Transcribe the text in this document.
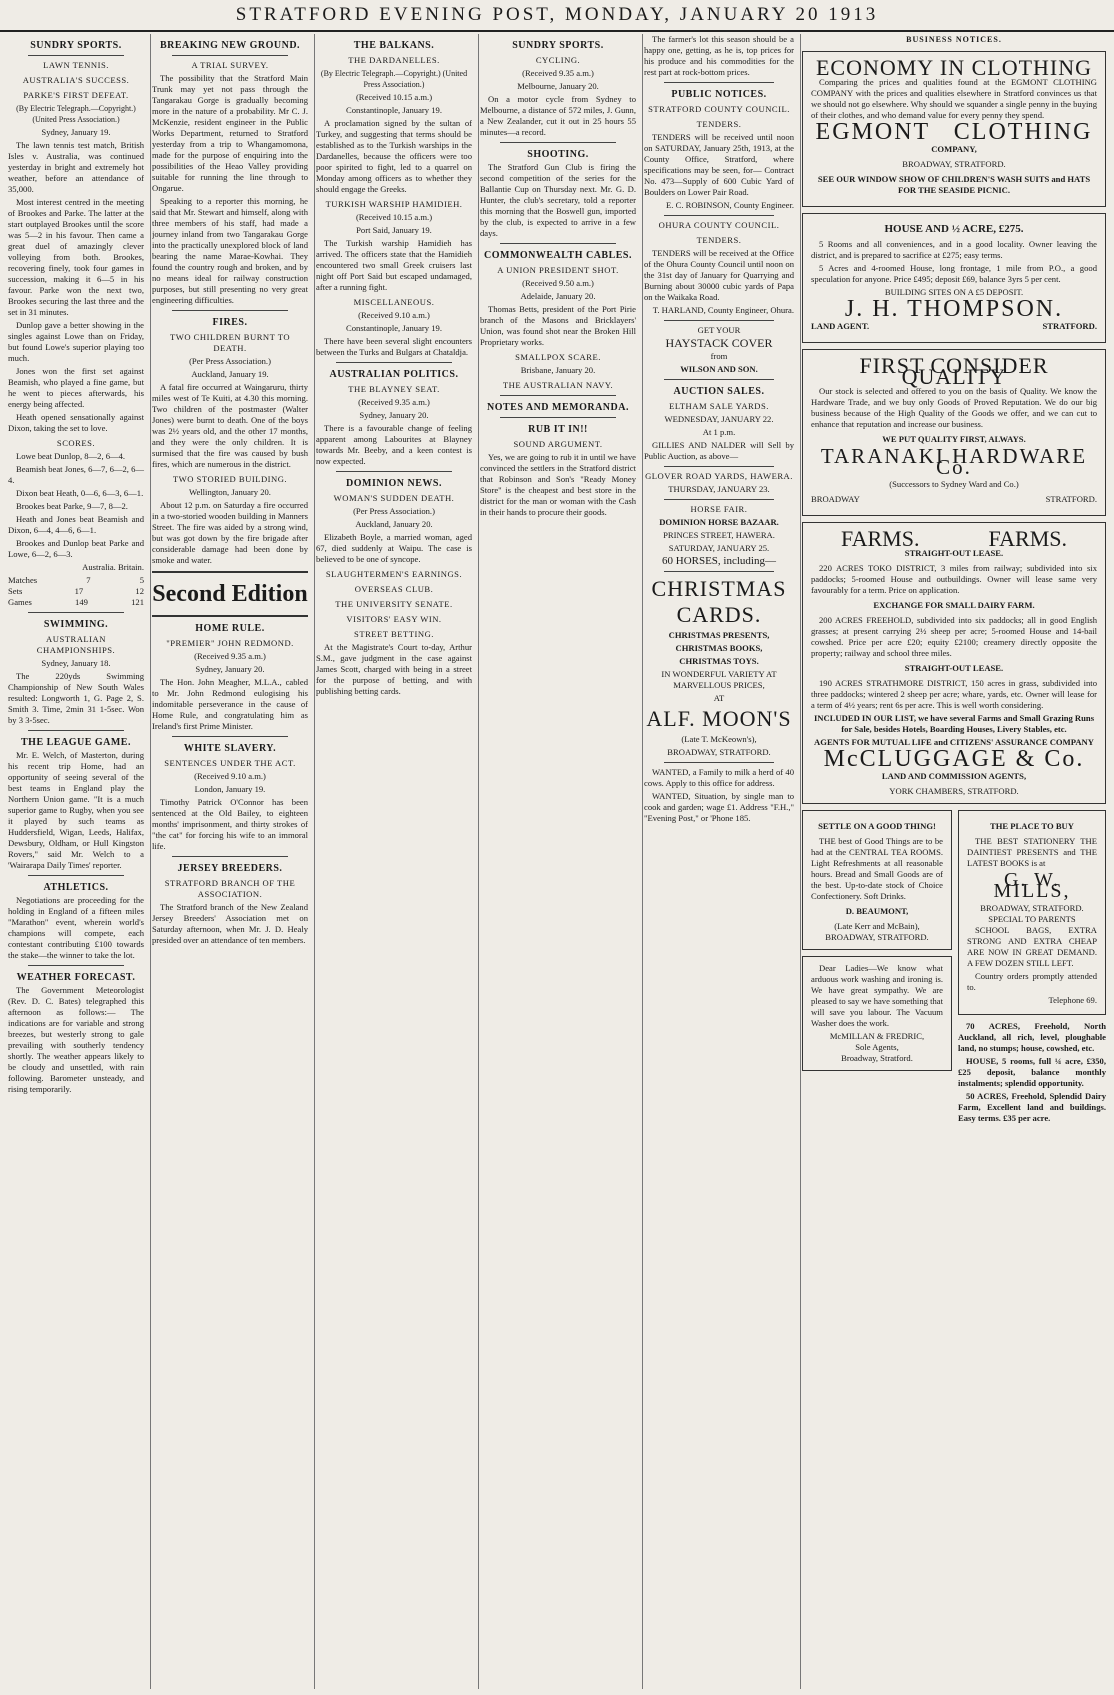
STRATFORD EVENING POST, MONDAY, JANUARY 20 1913
SUNDRY SPORTS.
LAWN TENNIS.
AUSTRALIA'S SUCCESS.
PARKE'S FIRST DEFEAT.

(By Electric Telegraph.—Copyright.) (United Press Association.)

Sydney, January 19.

The lawn tennis test match, British Isles v. Australia, was continued yesterday in bright and extremely hot weather, before an attendance of 35,000.

Most interest centred in the meeting of Brookes and Parke. The latter at the start outplayed Brookes until the score was 5—2 in his favour. Then came a great duel of amazingly clever volleying from both. Brookes, recovering finely, took four games in succession, making it 6—5 in his favour. Parke won the next two, Brookes securing the last three and the set in 31 minutes.

Dunlop gave a better showing in the singles against Lowe than on Friday, but found Lowe's superior playing too much.

Jones won the first set against Beamish, who played a fine game, but he went to pieces afterwards, his energy being affected.

Heath opened sensationally against Dixon, taking the set to love.

SCORES.

Lowe beat Dunlop, 8—2, 6—4.

Beamish beat Jones, 6—7, 6—2, 6—4.

Dixon beat Heath, 0—6, 6—3, 6—1.

Brookes beat Parke, 9—7, 8—2.

Heath and Jones beat Beamish and Dixon, 6—4, 4—6, 6—1.

Brookes and Dunlop beat Parke and Lowe, 6—2, 6—3.

Australia. Britain.

Matches	7	5
Sets	17	12
Games	149	121
SWIMMING.
AUSTRALIAN CHAMPIONSHIPS.

Sydney, January 18.

The 220yds Swimming Championship of New South Wales resulted: Longworth 1, G. Page 2, S. Smith 3. Time, 2min 31 1-5sec. Won by 3 3-5sec.

THE LEAGUE GAME.

Mr. E. Welch, of Masterton, during his recent trip Home, had an opportunity of seeing several of the best teams in England play the Northern Union game. "It is a much superior game to Rugby, when you see it played by such teams as Huddersfield, Wigan, Leeds, Halifax, Dewsbury, Oldham, or Hull Kingston Rovers," said Mr. Welch to a 'Wairarapa Daily Times' reporter.

ATHLETICS.

Negotiations are proceeding for the holding in England of a fifteen miles "Marathon" event, wherein world's champions will compete, each contestant contributing £100 towards the stake—the winner to take the lot.

WEATHER FORECAST.

The Government Meteorologist (Rev. D. C. Bates) telegraphed this afternoon as follows:— The indications are for variable and strong breezes, but westerly strong to gale prevailing with southerly tendency shortly. The weather appears likely to be cloudy and unsettled, with rain following. Barometer unsteady, and rising temporarily.

BREAKING NEW GROUND.
A TRIAL SURVEY.

The possibility that the Stratford Main Trunk may yet not pass through the Tangarakau Gorge is gradually becoming more in the nature of a probability. Mr C. J. McKenzie, resident engineer in the Public Works Department, returned to Stratford yesterday from a trip to Whangamomona, made for the purpose of enquiring into the possibilities of the Heao Valley providing suitable for running the line through to Ongarue.

Speaking to a reporter this morning, he said that Mr. Stewart and himself, along with three members of his staff, had made a journey inland from two Tangarakau Gorge into the practically unexplored block of land bearing the name Marae-Kowhai. They found the country rough and broken, and by no means ideal for railway construction purposes, but still presenting no very great engineering difficulties.

FIRES.
TWO CHILDREN BURNT TO DEATH.

(Per Press Association.)

Auckland, January 19.

A fatal fire occurred at Waingaruru, thirty miles west of Te Kuiti, at 4.30 this morning. Two children of the postmaster (Walter Jones) were burnt to death. One of the boys was 2½ years old, and the other 17 months, and they were the only children. It is surmised that the fire was caused by bush fires, which are numerous in the district.

TWO STORIED BUILDING.

Wellington, January 20.

About 12 p.m. on Saturday a fire occurred in a two-storied wooden building in Manners Street. The fire was aided by a strong wind, but was got down by the fire brigade after considerable damage had been done by smoke and water.

Second Edition
HOME RULE.
"PREMIER" JOHN REDMOND.

(Received 9.35 a.m.)

Sydney, January 20.

The Hon. John Meagher, M.L.A., cabled to Mr. John Redmond eulogising his indomitable perseverance in the cause of Home Rule, and congratulating him as Ireland's first Prime Minister.

WHITE SLAVERY.
SENTENCES UNDER THE ACT.

(Received 9.10 a.m.)

London, January 19.

Timothy Patrick O'Connor has been sentenced at the Old Bailey, to eighteen months' imprisonment, and thirty strokes of "the cat" for forcing his wife to an immoral life.

JERSEY BREEDERS.
STRATFORD BRANCH OF THE ASSOCIATION.

The Stratford branch of the New Zealand Jersey Breeders' Association met on Saturday afternoon, when Mr. J. D. Healy presided over an attendance of ten members.

THE BALKANS.
THE DARDANELLES.

(By Electric Telegraph.—Copyright.) (United Press Association.)

(Received 10.15 a.m.)

Constantinople, January 19.

A proclamation signed by the sultan of Turkey, and suggesting that terms should be established as to the Turkish warships in the Dardanelles, because the officers were too poor spirited to fight, led to a quarrel on Monday among officers as to whether they should engage the Greeks.

TURKISH WARSHIP HAMIDIEH.

(Received 10.15 a.m.)

Port Said, January 19.

The Turkish warship Hamidieh has arrived. The officers state that the Hamidieh encountered two small Greek cruisers last night off Port Said but escaped undamaged, after a running fight.

MISCELLANEOUS.

(Received 9.10 a.m.)

Constantinople, January 19.

There have been several slight encounters between the Turks and Bulgars at Chataldja.

AUSTRALIAN POLITICS.
THE BLAYNEY SEAT.

(Received 9.35 a.m.)

Sydney, January 20.

There is a favourable change of feeling apparent among Labourites at Blayney towards Mr. Beeby, and a keen contest is now expected.

DOMINION NEWS.
WOMAN'S SUDDEN DEATH.

(Per Press Association.)

Auckland, January 20.

Elizabeth Boyle, a married woman, aged 67, died suddenly at Waipu. The case is believed to be one of syncope.

SLAUGHTERMEN'S EARNINGS.
OVERSEAS CLUB.
THE UNIVERSITY SENATE.
VISITORS' EASY WIN.
STREET BETTING.

At the Magistrate's Court to-day, Arthur S.M., gave judgment in the case against James Scott, charged with being in a street for the purpose of betting, and with publishing betting cards.

SUNDRY SPORTS.
CYCLING.

(Received 9.35 a.m.)

Melbourne, January 20.

On a motor cycle from Sydney to Melbourne, a distance of 572 miles, J. Gunn, a New Zealander, cut it out in 25 hours 55 minutes—a record.

SHOOTING.

The Stratford Gun Club is firing the second competition of the series for the Ballantie Cup on Thursday next. Mr. G. D. Hunter, the club's secretary, told a reporter this morning that the Boswell gun, imported by the club, is expected to arrive in a few days.

COMMONWEALTH CABLES.
A UNION PRESIDENT SHOT.

(Received 9.50 a.m.)

Adelaide, January 20.

Thomas Betts, president of the Port Pirie branch of the Masons and Bricklayers' Union, was found shot near the Broken Hill Proprietary works.

SMALLPOX SCARE.

Brisbane, January 20.

THE AUSTRALIAN NAVY.
NOTES AND MEMORANDA.
RUB IT IN!!
SOUND ARGUMENT.

Yes, we are going to rub it in until we have convinced the settlers in the Stratford district that Robinson and Son's "Ready Money Store" is the cheapest and best store in the district for the man or woman with the Cash in their hands to procure their goods.

The farmer's lot this season should be a happy one, getting, as he is, top prices for his produce and his commodities for the rest part at rock-bottom prices.

PUBLIC NOTICES.
STRATFORD COUNTY COUNCIL.
TENDERS.

TENDERS will be received until noon on SATURDAY, January 25th, 1913, at the County Office, Stratford, where specifications may be seen, for— Contract No. 473—Supply of 600 Cubic Yard of Boulders on Lower Pair Road.

E. C. ROBINSON, County Engineer.

OHURA COUNTY COUNCIL.
TENDERS.

TENDERS will be received at the Office of the Ohura County Council until noon on the 31st day of January for Quarrying and Burning about 30000 cubic yards of Papa on the Waikaka Road.

T. HARLAND, County Engineer, Ohura.

GET YOUR

HAYSTACK COVER

from

WILSON AND SON.

AUCTION SALES.
ELTHAM SALE YARDS.

WEDNESDAY, JANUARY 22.

At 1 p.m.

GILLIES AND NALDER will Sell by Public Auction, as above—

GLOVER ROAD YARDS, HAWERA.

THURSDAY, JANUARY 23.

HORSE FAIR.

DOMINION HORSE BAZAAR.

PRINCES STREET, HAWERA.

SATURDAY, JANUARY 25.

60 HORSES, including—

CHRISTMAS CARDS.

CHRISTMAS PRESENTS,

CHRISTMAS BOOKS,

CHRISTMAS TOYS.

IN WONDERFUL VARIETY AT MARVELLOUS PRICES,

AT

ALF. MOON'S

(Late T. McKeown's),

BROADWAY, STRATFORD.

WANTED, a Family to milk a herd of 40 cows. Apply to this office for address.

WANTED, Situation, by single man to cook and garden; wage £1. Address "F.H.," "Evening Post," or 'Phone 185.

BUSINESS NOTICES.
ECONOMY IN CLOTHING

Comparing the prices and qualities found at the EGMONT CLOTHING COMPANY with the prices and qualities elsewhere in Stratford convinces us that we should not go elsewhere. Why should we squander a single penny in the buying of their clothes, and who demand value for every penny they spend.

EGMONT CLOTHING
COMPANY,
BROADWAY, STRATFORD.
SEE OUR WINDOW SHOW OF CHILDREN'S WASH SUITS and HATS FOR THE SEASIDE PICNIC.
HOUSE AND ½ ACRE, £275.

5 Rooms and all conveniences, and in a good locality. Owner leaving the district, and is prepared to sacrifice at £275; easy terms.

5 Acres and 4-roomed House, long frontage, 1 mile from P.O., a good speculation for anyone. Price £495; deposit £69, balance 3yrs 5 per cent.

BUILDING SITES ON A £5 DEPOSIT.
J. H. THOMPSON.
LAND AGENT.	STRATFORD.
FIRST CONSIDER QUALITY

Our stock is selected and offered to you on the basis of Quality. We know the Hardware Trade, and we buy only Goods of Proved Reputation. We do our big business because of the High Quality of the Goods we offer, and we can cut to enhance that reputation and increase our business.

WE PUT QUALITY FIRST, ALWAYS.
TARANAKI HARDWARE Co.
(Successors to Sydney Ward and Co.)
BROADWAY	STRATFORD.
FARMS.	FARMS.
STRAIGHT-OUT LEASE.

220 ACRES TOKO DISTRICT, 3 miles from railway; subdivided into six paddocks; 5-roomed House and outbuildings. Owner will lease same very favourably for a term. Price on application.

EXCHANGE FOR SMALL DAIRY FARM.

200 ACRES FREEHOLD, subdivided into six paddocks; all in good English grasses; at present carrying 2½ sheep per acre; 5-roomed House and 14-bail cowshed. Price per acre £20; equity £2100; creamery directly opposite the property; railway and school three miles.

STRAIGHT-OUT LEASE.

190 ACRES STRATHMORE DISTRICT, 150 acres in grass, subdivided into three paddocks; wintered 2 sheep per acre; whare, yards, etc. Owner will lease for a term of 4½ years; rent 6s per acre. This is well worth considering.

INCLUDED IN OUR LIST, we have several Farms and Small Grazing Runs for Sale, besides Hotels, Boarding Houses, Livery Stables, etc.

AGENTS FOR MUTUAL LIFE and CITIZENS' ASSURANCE COMPANY

McCLUGGAGE & Co.
LAND AND COMMISSION AGENTS,
YORK CHAMBERS, STRATFORD.
SETTLE ON A GOOD THING!

THE best of Good Things are to be had at the CENTRAL TEA ROOMS. Light Refreshments at all reasonable hours. Bread and Small Goods are of the best. Up-to-date stock of Choice Confectionery. Soft Drinks.

D. BEAUMONT,
(Late Kerr and McBain),
BROADWAY, STRATFORD.

Dear Ladies—We know what arduous work washing and ironing is. We have great sympathy. We are pleased to say we have something that will save you labour. The Vacuum Washer does the work.

McMILLAN & FREDRIC,
Sole Agents,
Broadway, Stratford.
THE PLACE TO BUY

THE BEST STATIONERY THE DAINTIEST PRESENTS and THE LATEST BOOKS is at

G. W. MILLS,
BROADWAY, STRATFORD.
SPECIAL TO PARENTS

SCHOOL BAGS, EXTRA STRONG AND EXTRA CHEAP ARE NOW IN GREAT DEMAND. A FEW DOZEN STILL LEFT.

Country orders promptly attended to.

Telephone 69.

70 ACRES, Freehold, North Auckland, all rich, level, ploughable land, no stumps; house, cowshed, etc.

HOUSE, 5 rooms, full ¼ acre, £350, £25 deposit, balance monthly instalments; splendid opportunity.

50 ACRES, Freehold, Splendid Dairy Farm, Excellent land and buildings. Easy terms. £35 per acre.
